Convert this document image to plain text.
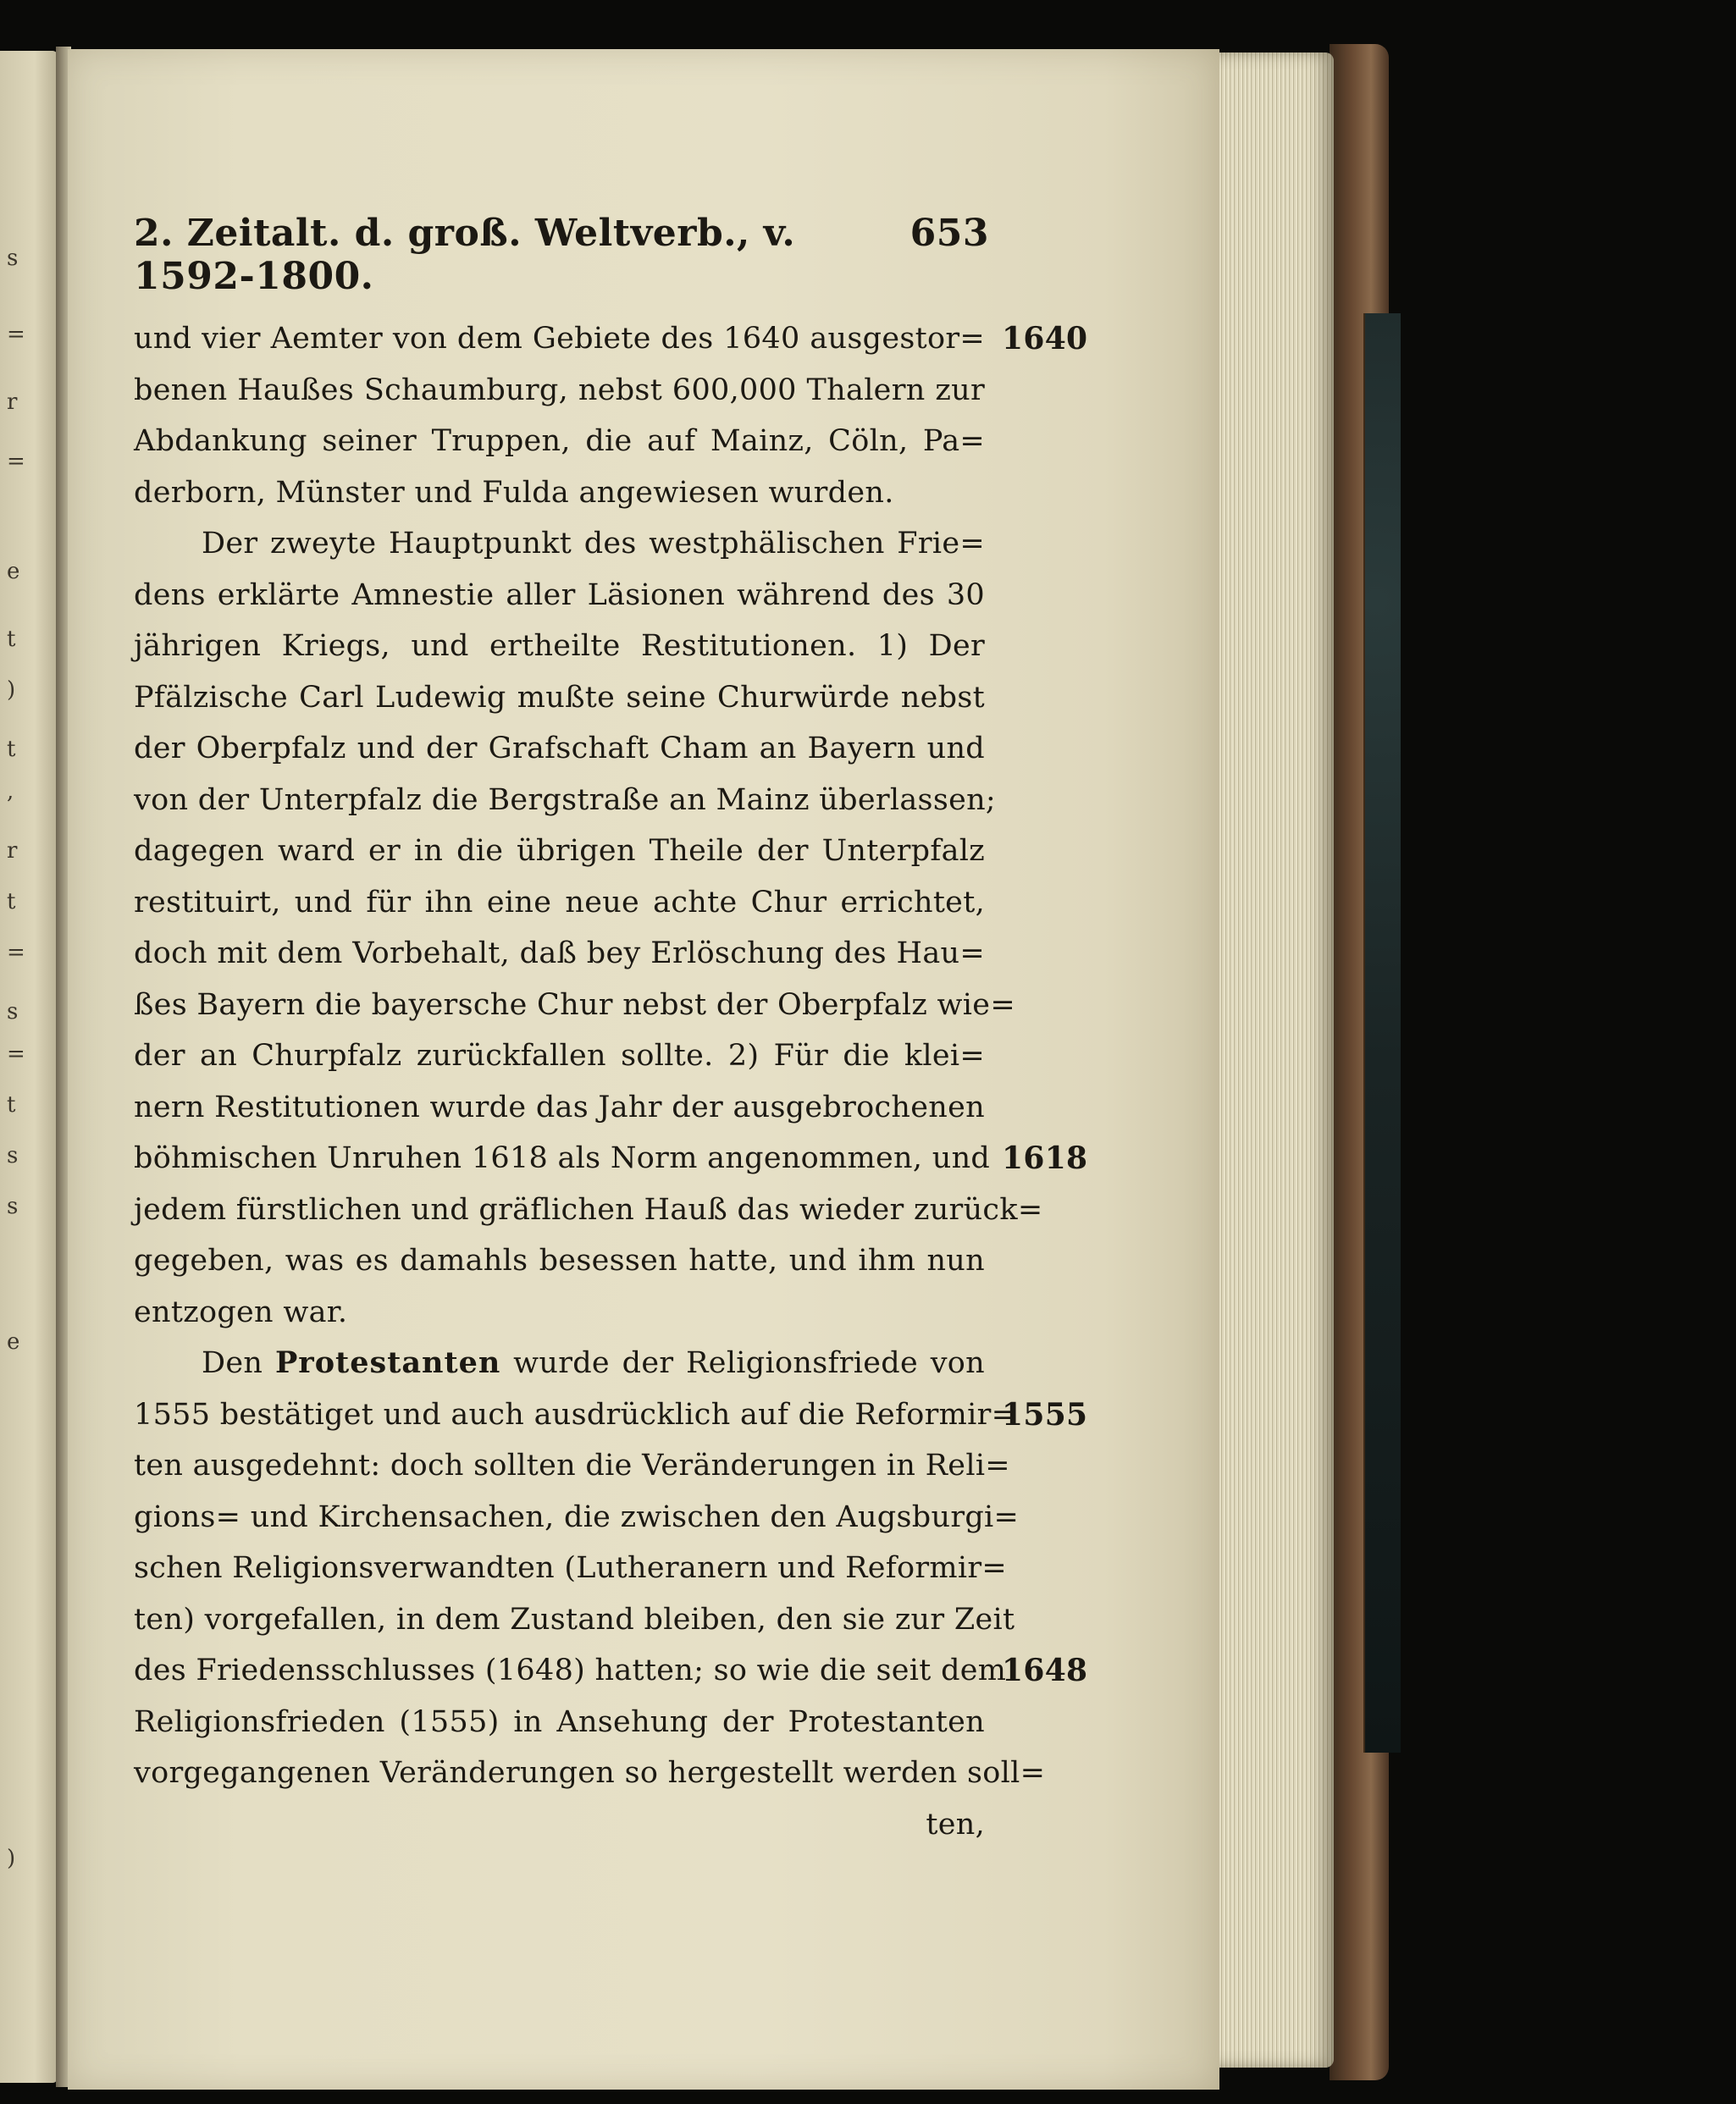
s
=
r
=
e
t
)
t
,
r
t
=
s
=
t
s
s
e
)
2. Zeitalt. d. groß. Weltverb., v. 1592-1800.
653
und vier Aemter von dem Gebiete des 1640 ausgestor= 1640
benen Haußes Schaumburg, nebst 600,000 Thalern zur
Abdankung seiner Truppen, die auf Mainz, Cöln, Pa=
derborn, Münster und Fulda angewiesen wurden.
Der zweyte Hauptpunkt des westphälischen Frie=
dens erklärte Amnestie aller Läsionen während des 30
jährigen Kriegs, und ertheilte Restitutionen. 1) Der
Pfälzische Carl Ludewig mußte seine Churwürde nebst
der Oberpfalz und der Grafschaft Cham an Bayern und
von der Unterpfalz die Bergstraße an Mainz überlassen;
dagegen ward er in die übrigen Theile der Unterpfalz
restituirt, und für ihn eine neue achte Chur errichtet,
doch mit dem Vorbehalt, daß bey Erlöschung des Hau=
ßes Bayern die bayersche Chur nebst der Oberpfalz wie=
der an Churpfalz zurückfallen sollte. 2) Für die klei=
nern Restitutionen wurde das Jahr der ausgebrochenen
böhmischen Unruhen 1618 als Norm angenommen, und 1618
jedem fürstlichen und gräflichen Hauß das wieder zurück=
gegeben, was es damahls besessen hatte, und ihm nun
entzogen war.
Den Protestanten wurde der Religionsfriede von
1555 bestätiget und auch ausdrücklich auf die Reformir=
1555
ten ausgedehnt: doch sollten die Veränderungen in Reli=
gions= und Kirchensachen, die zwischen den Augsburgi=
schen Religionsverwandten (Lutheranern und Reformir=
ten) vorgefallen, in dem Zustand bleiben, den sie zur Zeit
des Friedensschlusses (1648) hatten; so wie die seit dem
1648
Religionsfrieden (1555) in Ansehung der Protestanten
vorgegangenen Veränderungen so hergestellt werden soll=
ten,
